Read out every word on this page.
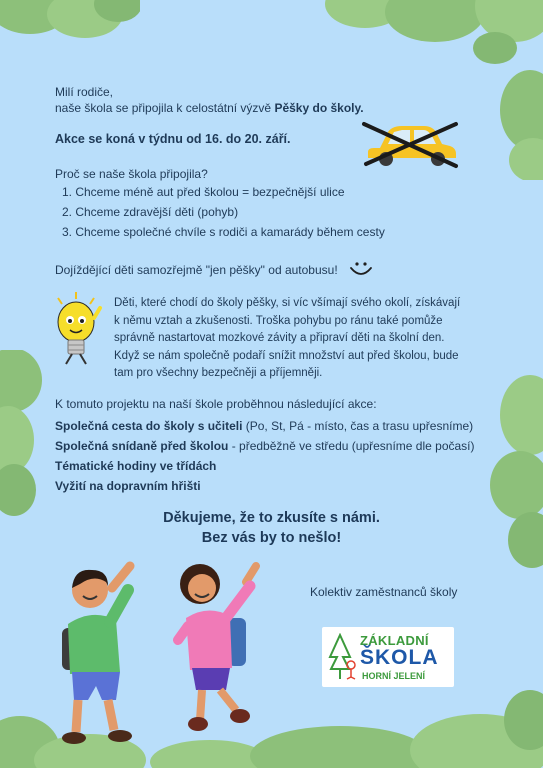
Milí rodiče,
naše škola se připojila k celostátní výzvě Pěšky do školy.
Akce se koná v týdnu od 16. do 20. září.
Proč se naše škola připojila?
1. Chceme méně aut před školou = bezpečnější ulice
2. Chceme zdravější děti (pohyb)
3. Chceme společné chvíle s rodiči a kamarády během cesty
Dojíždějící děti samozřejmě "jen pěšky" od autobusu!
Děti, které chodí do školy pěšky, si víc všímají svého okolí, získávají
k němu vztah a zkušenosti. Troška pohybu po ránu také pomůže
správně nastartovat mozkové závity a připraví děti na školní den.
Když se nám společně podaří snížit množství aut před školou, bude
tam pro všechny bezpečněji a příjemněji.
K tomuto projektu na naší škole proběhnou následující akce:
Společná cesta do školy s učiteli (Po, St, Pá - místo, čas a trasu upřesníme)
Společná snídaně před školou - předběžně ve středu (upřesníme dle počasí)
Tématické hodiny ve třídách
Vyžití na dopravním hřišti
Děkujeme, že to zkusíte s námi.
Bez vás by to nešlo!
Kolektiv zaměstnanců školy
ZÁKLADNÍ
ŠKOLA
HORNÍ JELENÍ
